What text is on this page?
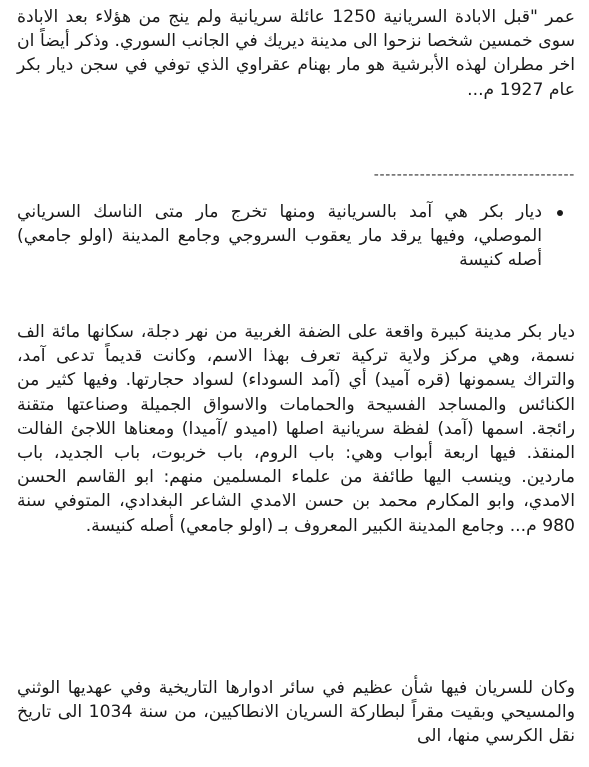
عمر "قبل الابادة السريانية 1250 عائلة سريانية ولم ينج من هؤلاء بعد الابادة سوى خمسين شخصا نزحوا الى مدينة ديريك في الجانب السوري. وذكر أيضاً ان اخر مطران لهذه الأبرشية هو مار بهنام عقراوي الذي توفي في سجن ديار بكر عام 1927 م...

-----------------------------------
ديار بكر هي آمد بالسريانية ومنها تخرج مار متى الناسك السرياني الموصلي، وفيها يرقد مار يعقوب السروجي وجامع المدينة (اولو جامعي) أصله كنيسة

ديار بكر مدينة كبيرة واقعة على الضفة الغربية من نهر دجلة، سكانها مائة الف نسمة، وهي مركز ولاية تركية تعرف بهذا الاسم، وكانت قديماً تدعى آمد، والتراك يسمونها (قره آميد) أي (آمد السوداء) لسواد حجارتها. وفيها كثير من الكنائس والمساجد الفسيحة والحمامات والاسواق الجميلة وصناعتها متقنة رائجة. اسمها (آمد) لفظة سريانية اصلها (اميدو /آميدا) ومعناها اللاجئ الفالت المنقذ. فيها اربعة أبواب وهي: باب الروم، باب خربوت، باب الجديد، باب ماردين. وينسب اليها طائفة من علماء المسلمين منهم: ابو القاسم الحسن الامدي، وابو المكارم محمد بن حسن الامدي الشاعر البغدادي، المتوفي سنة 980 م... وجامع المدينة الكبير المعروف بـ (اولو جامعي) أصله كنيسة.

وكان للسريان فيها شأن عظيم في سائر ادوارها التاريخية وفي عهديها الوثني والمسيحي وبقيت مقراً لبطاركة السريان الانطاكيين، من سنة 1034 الى تاريخ نقل الكرسي منها، الى
